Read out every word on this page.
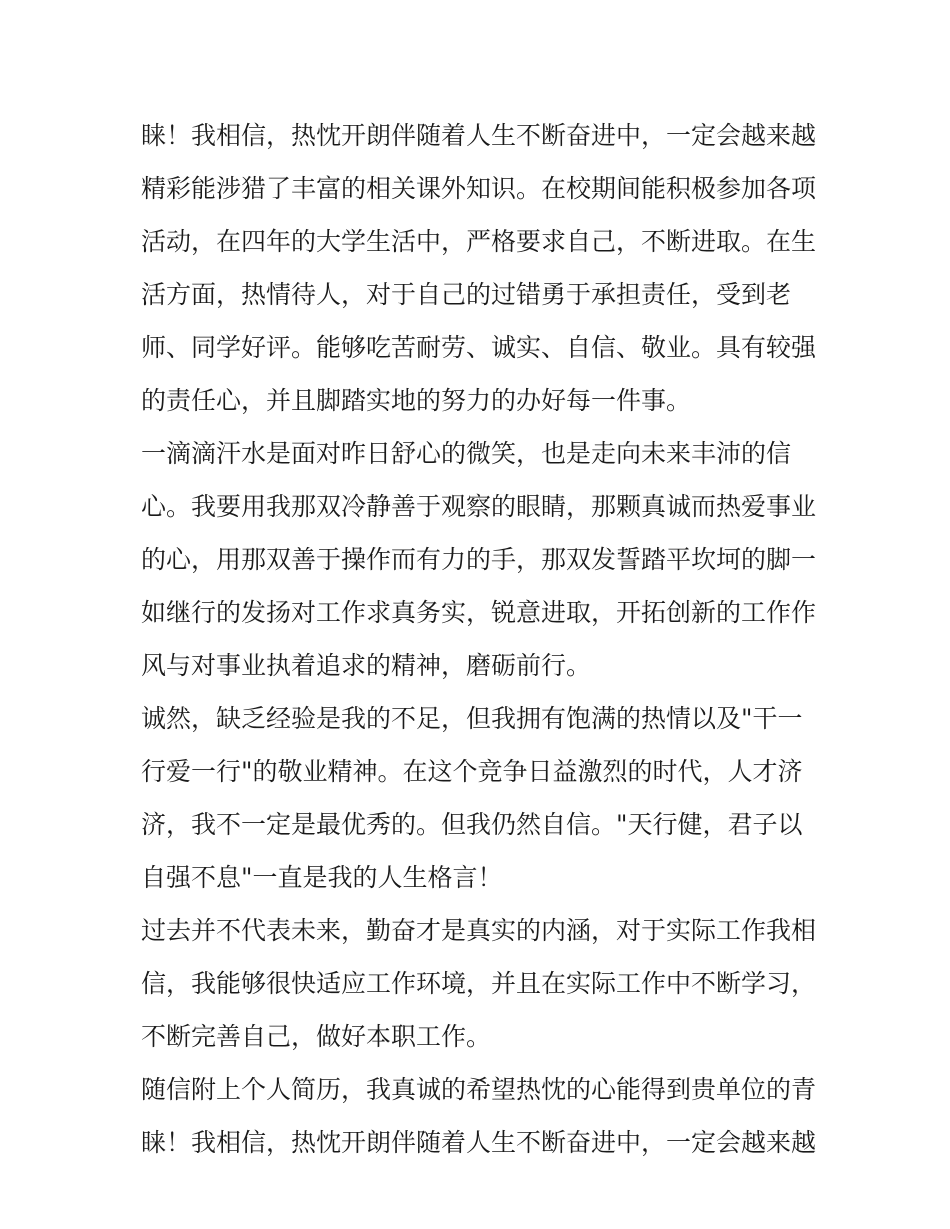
睐！我相信，热忱开朗伴随着人生不断奋进中，一定会越来越
精彩能涉猎了丰富的相关课外知识。在校期间能积极参加各项
活动，在四年的大学生活中，严格要求自己，不断进取。在生
活方面，热情待人，对于自己的过错勇于承担责任，受到老
师、同学好评。能够吃苦耐劳、诚实、自信、敬业。具有较强
的责任心，并且脚踏实地的努力的办好每一件事。
一滴滴汗水是面对昨日舒心的微笑，也是走向未来丰沛的信
心。我要用我那双冷静善于观察的眼睛，那颗真诚而热爱事业
的心，用那双善于操作而有力的手，那双发誓踏平坎坷的脚一
如继行的发扬对工作求真务实，锐意进取，开拓创新的工作作
风与对事业执着追求的精神，磨砺前行。
诚然，缺乏经验是我的不足，但我拥有饱满的热情以及"干一
行爱一行"的敬业精神。在这个竞争日益激烈的时代，人才济
济，我不一定是最优秀的。但我仍然自信。"天行健，君子以
自强不息"一直是我的人生格言！
过去并不代表未来，勤奋才是真实的内涵，对于实际工作我相
信，我能够很快适应工作环境，并且在实际工作中不断学习，
不断完善自己，做好本职工作。
随信附上个人简历，我真诚的希望热忱的心能得到贵单位的青
睐！我相信，热忱开朗伴随着人生不断奋进中，一定会越来越
